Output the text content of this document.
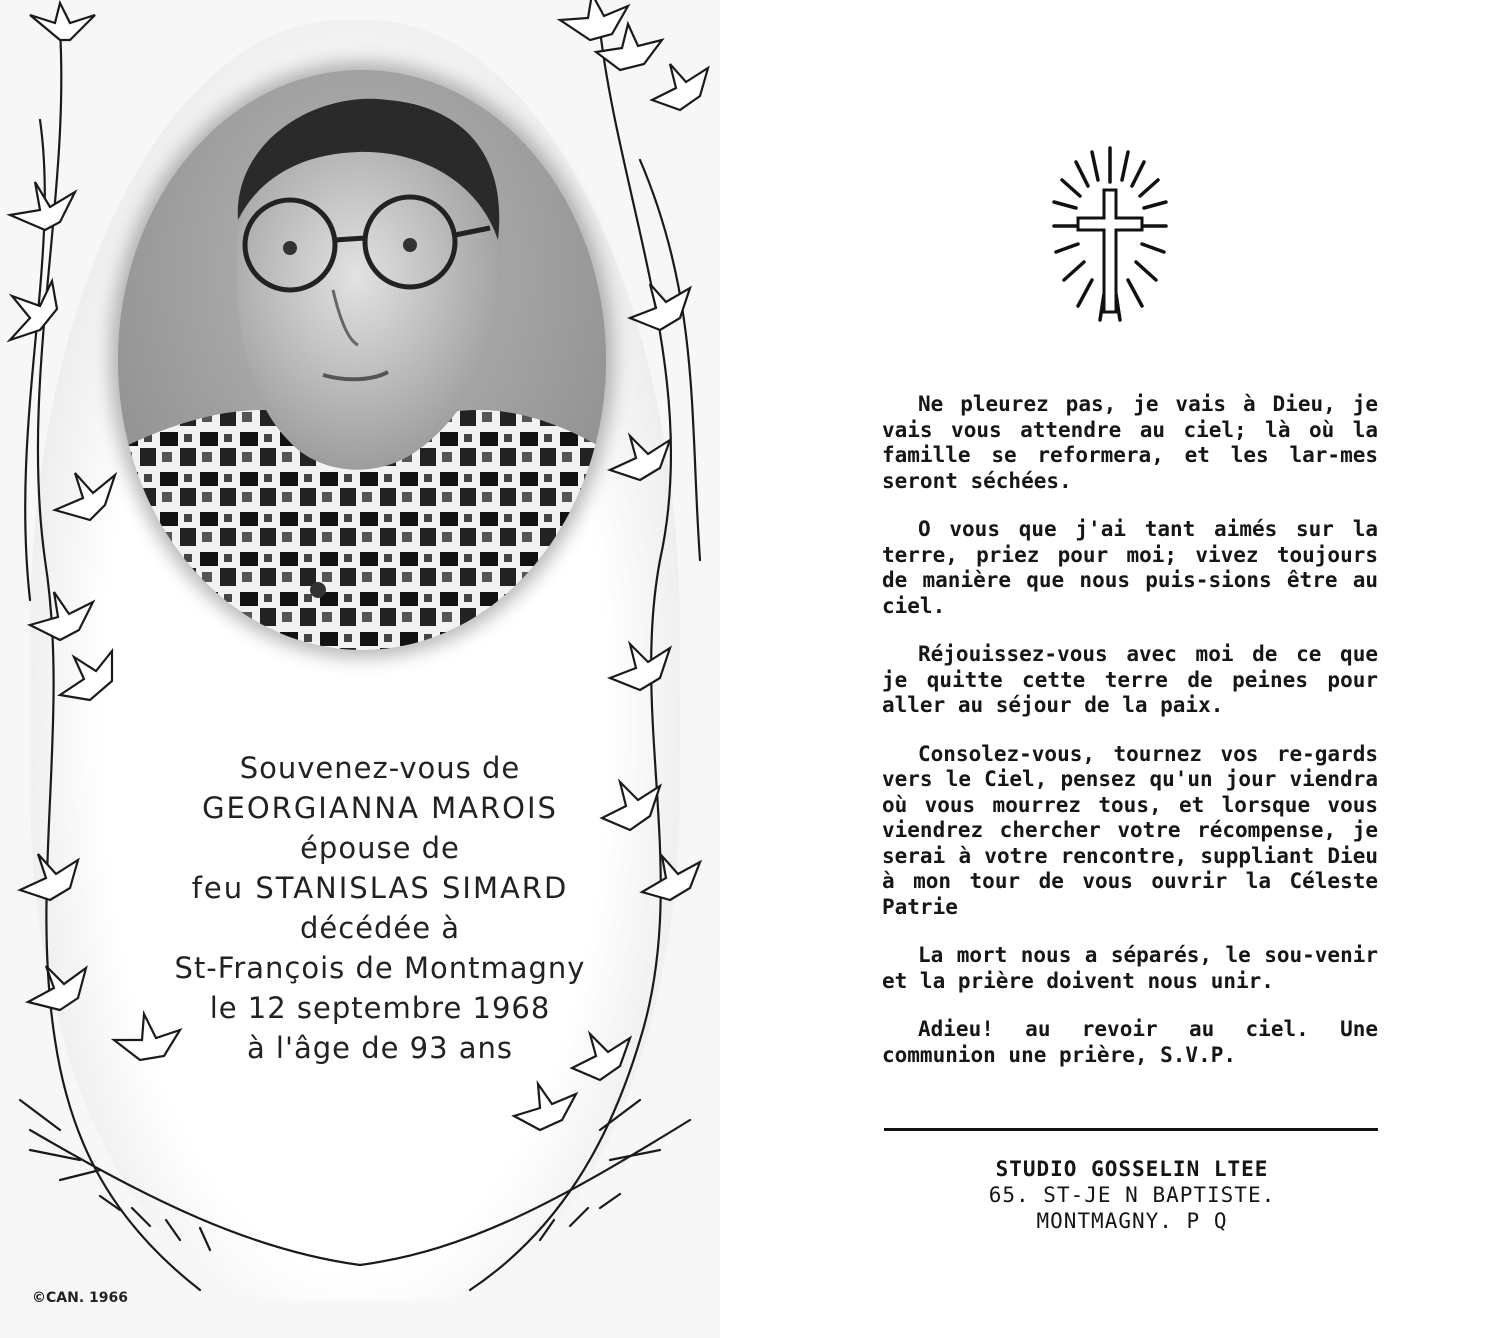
Souvenez-vous de
GEORGIANNA MAROIS
épouse de
feu STANISLAS SIMARD
décédée à
St-François de Montmagny
le 12 septembre 1968
à l'âge de 93 ans
©CAN. 1966

Ne pleurez pas, je vais à Dieu, je vais vous attendre au ciel; là où la famille se reformera, et les lar-mes seront séchées.

O vous que j'ai tant aimés sur la terre, priez pour moi; vivez toujours de manière que nous puis-sions être au ciel.

Réjouissez-vous avec moi de ce que je quitte cette terre de peines pour aller au séjour de la paix.

Consolez-vous, tournez vos re-gards vers le Ciel, pensez qu'un jour viendra où vous mourrez tous, et lorsque vous viendrez chercher votre récompense, je serai à votre rencontre, suppliant Dieu à mon tour de vous ouvrir la Céleste Patrie

La mort nous a séparés, le sou-venir et la prière doivent nous unir.

Adieu! au revoir au ciel. Une communion une prière, S.V.P.

STUDIO GOSSELIN LTEE
65. ST-JE N BAPTISTE.
MONTMAGNY. P Q
